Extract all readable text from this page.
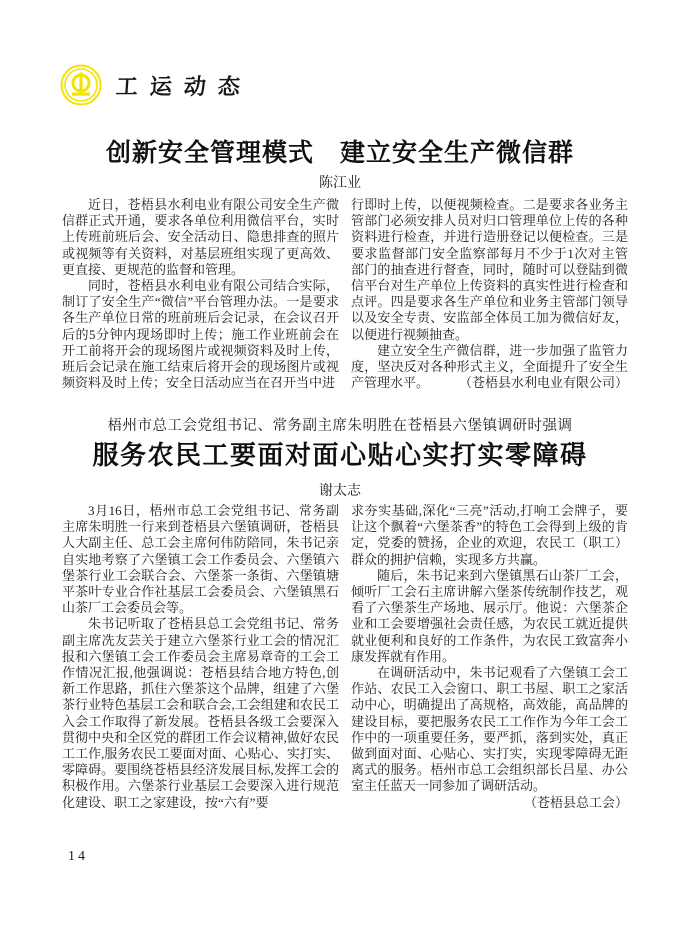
工运动态
创新安全管理模式　建立安全生产微信群
陈江业

近日，苍梧县水利电业有限公司安全生产微信群正式开通，要求各单位利用微信平台，实时上传班前班后会、安全活动日、隐患排查的照片或视频等有关资料，对基层班组实现了更高效、更直接、更规范的监督和管理。

同时，苍梧县水利电业有限公司结合实际，制订了安全生产“微信”平台管理办法。一是要求各生产单位日常的班前班后会记录，在会议召开后的5分钟内现场即时上传；施工作业班前会在开工前将开会的现场图片或视频资料及时上传，班后会记录在施工结束后将开会的现场图片或视频资料及时上传；安全日活动应当在召开当中进

行即时上传，以便视频检查。二是要求各业务主管部门必须安排人员对归口管理单位上传的各种资料进行检查，并进行造册登记以便检查。三是要求监督部门安全监察部每月不少于1次对主管部门的抽查进行督查，同时，随时可以登陆到微信平台对生产单位上传资料的真实性进行检查和点评。四是要求各生产单位和业务主管部门领导以及安全专责、安监部全体员工加为微信好友，以便进行视频抽查。

建立安全生产微信群，进一步加强了监管力度，坚决反对各种形式主义，全面提升了安全生产管理水平。	（苍梧县水利电业有限公司）
梧州市总工会党组书记、常务副主席朱明胜在苍梧县六堡镇调研时强调
服务农民工要面对面心贴心实打实零障碍
谢太志

3月16日，梧州市总工会党组书记、常务副主席朱明胜一行来到苍梧县六堡镇调研，苍梧县人大副主任、总工会主席何伟防陪同，朱书记亲自实地考察了六堡镇工会工作委员会、六堡镇六堡茶行业工会联合会、六堡茶一条街、六堡镇塘平茶叶专业合作社基层工会委员会、六堡镇黑石山茶厂工会委员会等。

朱书记听取了苍梧县总工会党组书记、常务副主席冼友芸关于建立六堡茶行业工会的情况汇报和六堡镇工会工作委员会主席易章奇的工会工作情况汇报,他强调说：苍梧县结合地方特色,创新工作思路，抓住六堡茶这个品牌，组建了六堡茶行业特色基层工会和联合会,工会组建和农民工入会工作取得了新发展。苍梧县各级工会要深入贯彻中央和全区党的群团工作会议精神,做好农民工工作,服务农民工要面对面、心贴心、实打实、零障碍。要围绕苍梧县经济发展目标,发挥工会的积极作用。六堡茶行业基层工会要深入进行规范化建设、职工之家建设，按“六有”要

求夯实基础,深化“三亮”活动,打响工会牌子，要让这个飘着“六堡茶香”的特色工会得到上级的肯定，党委的赞扬，企业的欢迎，农民工（职工）群众的拥护信赖，实现多方共赢。

随后，朱书记来到六堡镇黑石山茶厂工会，倾听厂工会石主席讲解六堡茶传统制作技艺，观看了六堡茶生产场地、展示厅。他说：六堡茶企业和工会要增强社会责任感，为农民工就近提供就业便利和良好的工作条件，为农民工致富奔小康发挥就有作用。

在调研活动中，朱书记观看了六堡镇工会工作站、农民工入会窗口、职工书屋、职工之家活动中心，明确提出了高规格，高效能，高品牌的建设目标，要把服务农民工工作作为今年工会工作中的一项重要任务，要严抓，落到实处，真正做到面对面、心贴心、实打实，实现零障碍无距离式的服务。梧州市总工会组织部长吕星、办公室主任蓝天一同参加了调研活动。

（苍梧县总工会）

14
